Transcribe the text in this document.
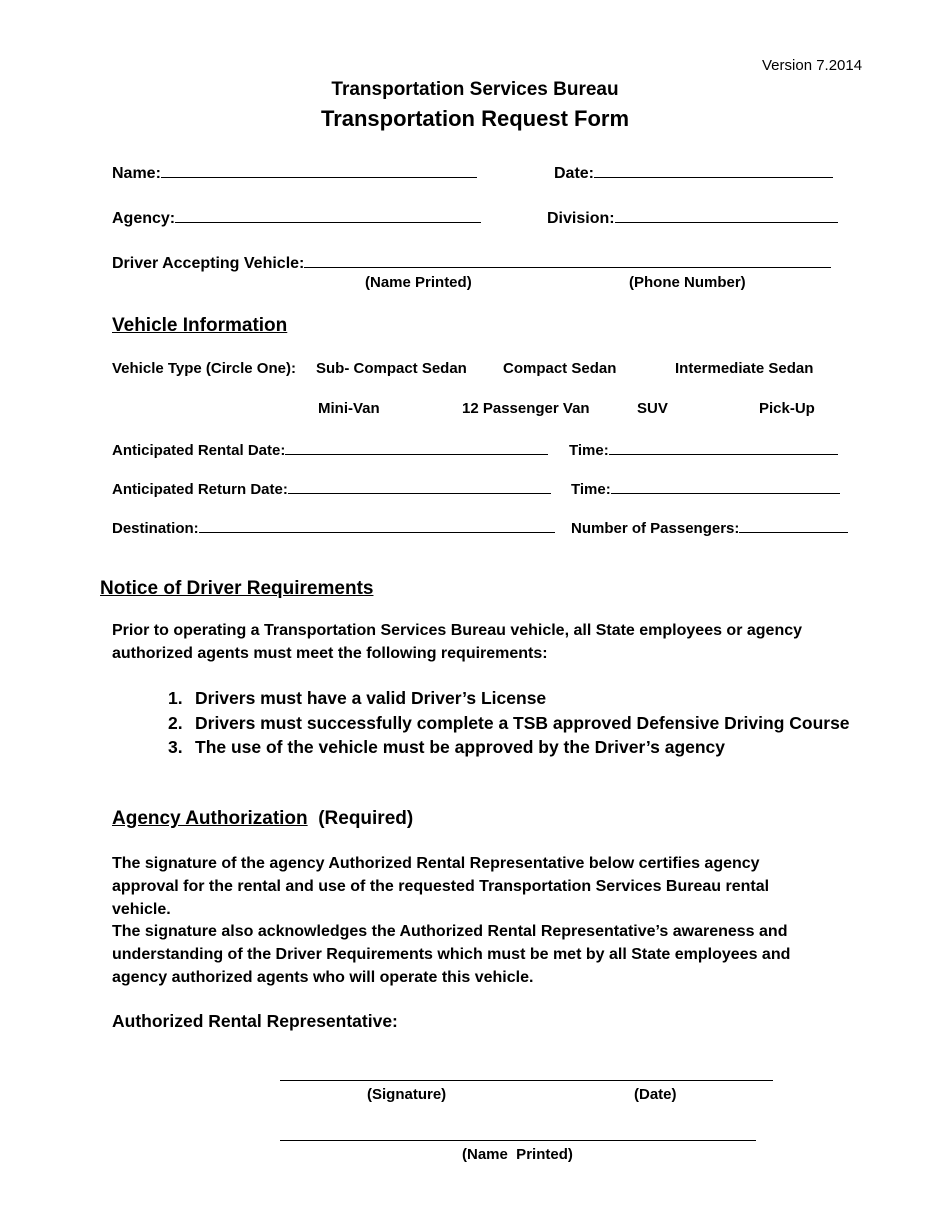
Version 7.2014
Transportation Services Bureau
Transportation Request Form
Name:	Date:
Agency:	Division:
Driver Accepting Vehicle:
(Name Printed)	(Phone Number)
Vehicle Information
Vehicle Type (Circle One): Sub- Compact Sedan Compact Sedan	Intermediate Sedan
Mini-Van	12 Passenger Van	SUV	Pick-Up
Anticipated Rental Date:	Time:
Anticipated Return Date:	Time:
Destination:	Number of Passengers:
Notice of Driver Requirements
Prior to operating a Transportation Services Bureau vehicle, all State employees or agency authorized agents must meet the following requirements:
1. Drivers must have a valid Driver’s License
2. Drivers must successfully complete a TSB approved Defensive Driving Course
3. The use of the vehicle must be approved by the Driver’s agency
Agency Authorization (Required)
The signature of the agency Authorized Rental Representative below certifies agency approval for the rental and use of the requested Transportation Services Bureau rental vehicle.
The signature also acknowledges the Authorized Rental Representative’s awareness and understanding of the Driver Requirements which must be met by all State employees and agency authorized agents who will operate this vehicle.
Authorized Rental Representative:
(Signature)	(Date)
(Name  Printed)
